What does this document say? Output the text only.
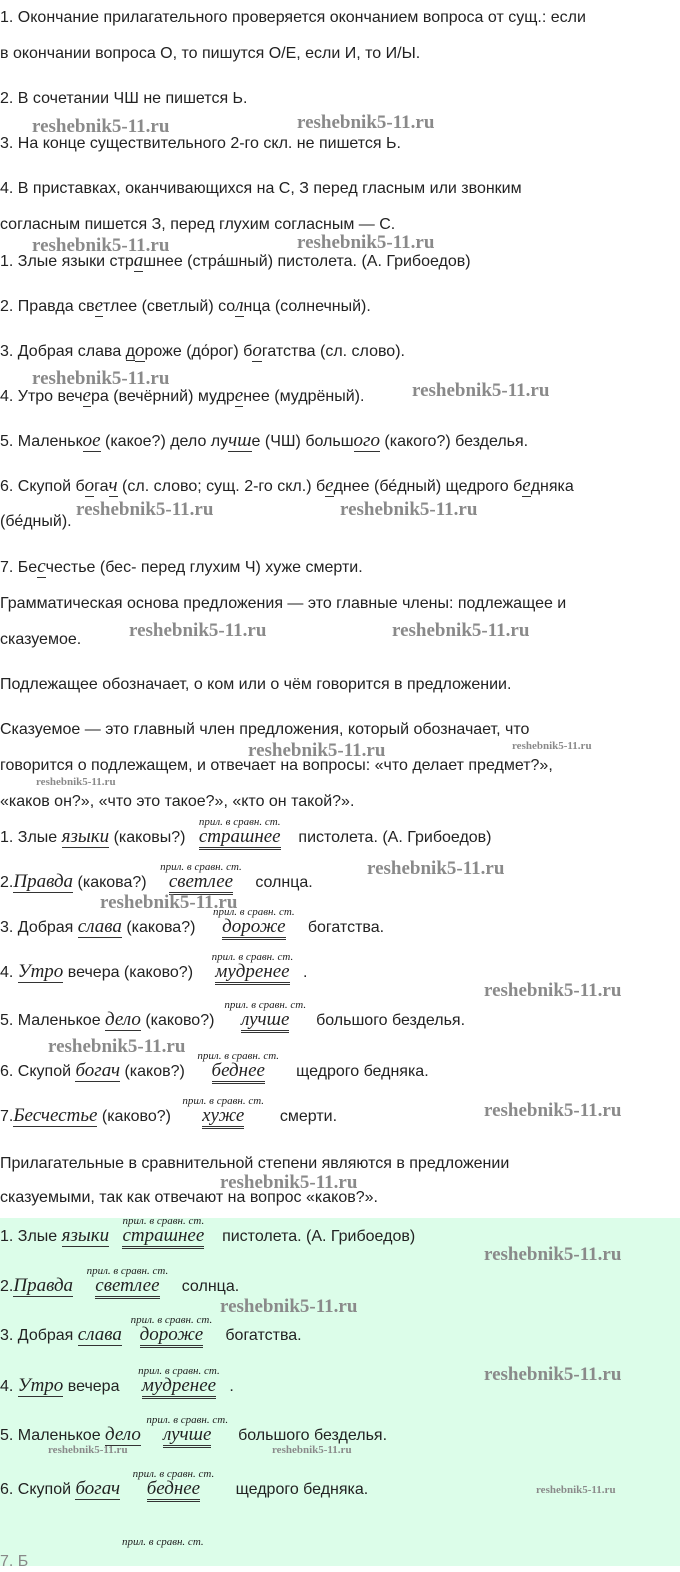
1. Окончание прилагательного проверяется окончанием вопроса от сущ.: если
в окончании вопроса О, то пишутся О/Е, если И, то И/Ы.
2. В сочетании ЧШ не пишется Ь.
3. На конце существительного 2-го скл. не пишется Ь.
4. В приставках, оканчивающихся на С, З перед гласным или звонким
согласным пишется З, перед глухим согласным — С.
1. Злые языки страшнее (стра́шный) пистолета. (А. Грибоедов)
2. Правда светлее (светлый) солнца (солнечный).
3. Добрая слава дороже (до́рог) богатства (сл. слово).
4. Утро вечера (вечёрний) мудренее (мудрёный).
5. Маленькое (какое?) дело лучше (ЧШ) большого (какого?) безделья.
6. Скупой богач (сл. слово; сущ. 2-го скл.) беднее (бе́дный) щедрого бедняка
(бе́дный).
7. Бесчестье (бес- перед глухим Ч) хуже смерти.
Грамматическая основа предложения — это главные члены: подлежащее и
сказуемое.
Подлежащее обозначает, о ком или о чём говорится в предложении.
Сказуемое — это главный член предложения, который обозначает, что
говорится о подлежащем, и отвечает на вопросы: «что делает предмет?»,
«каков он?», «что это такое?», «кто он такой?».
1. Злые языки (каковы?)
прил. в сравн. ст.
страшнее пистолета. (А. Грибоедов)
2.Правда (какова?)
прил. в сравн. ст.
светлее солнца.
3. Добрая слава (какова?)
прил. в сравн. ст.
дороже богатства.
4. Утро вечера (каково?)
прил. в сравн. ст.
мудренее .
5. Маленькое дело (каково?)
прил. в сравн. ст.
лучше большого безделья.
6. Скупой богач (каков?)
прил. в сравн. ст.
беднее щедрого бедняка.
7.Бесчестье (каково?)
прил. в сравн. ст.
хуже смерти.
Прилагательные в сравнительной степени являются в предложении
сказуемыми, так как отвечают на вопрос «каков?».
1. Злые языки
прил. в сравн. ст.
страшнее пистолета. (А. Грибоедов)
2.Правда
прил. в сравн. ст.
светлее солнца.
3. Добрая слава
прил. в сравн. ст.
дороже богатства.
4. Утро вечера
прил. в сравн. ст.
мудренее .
5. Маленькое дело
прил. в сравн. ст.
лучше большого безделья.
6. Скупой богач
прил. в сравн. ст.
беднее щедрого бедняка.
прил. в сравн. ст.
7. Б
reshebnik5-11.ru	reshebnik5-11.ru
reshebnik5-11.ru	reshebnik5-11.ru
reshebnik5-11.ru
reshebnik5-11.ru
reshebnik5-11.ru	reshebnik5-11.ru
reshebnik5-11.ru	reshebnik5-11.ru
reshebnik5-11.ru	reshebnik5-11.ru
reshebnik5-11.ru
reshebnik5-11.ru
reshebnik5-11.ru
reshebnik5-11.ru
reshebnik5-11.ru
reshebnik5-11.ru
reshebnik5-11.ru
reshebnik5-11.ru
reshebnik5-11.ru
reshebnik5-11.ru
reshebnik5-11.ru	reshebnik5-11.ru
reshebnik5-11.ru
